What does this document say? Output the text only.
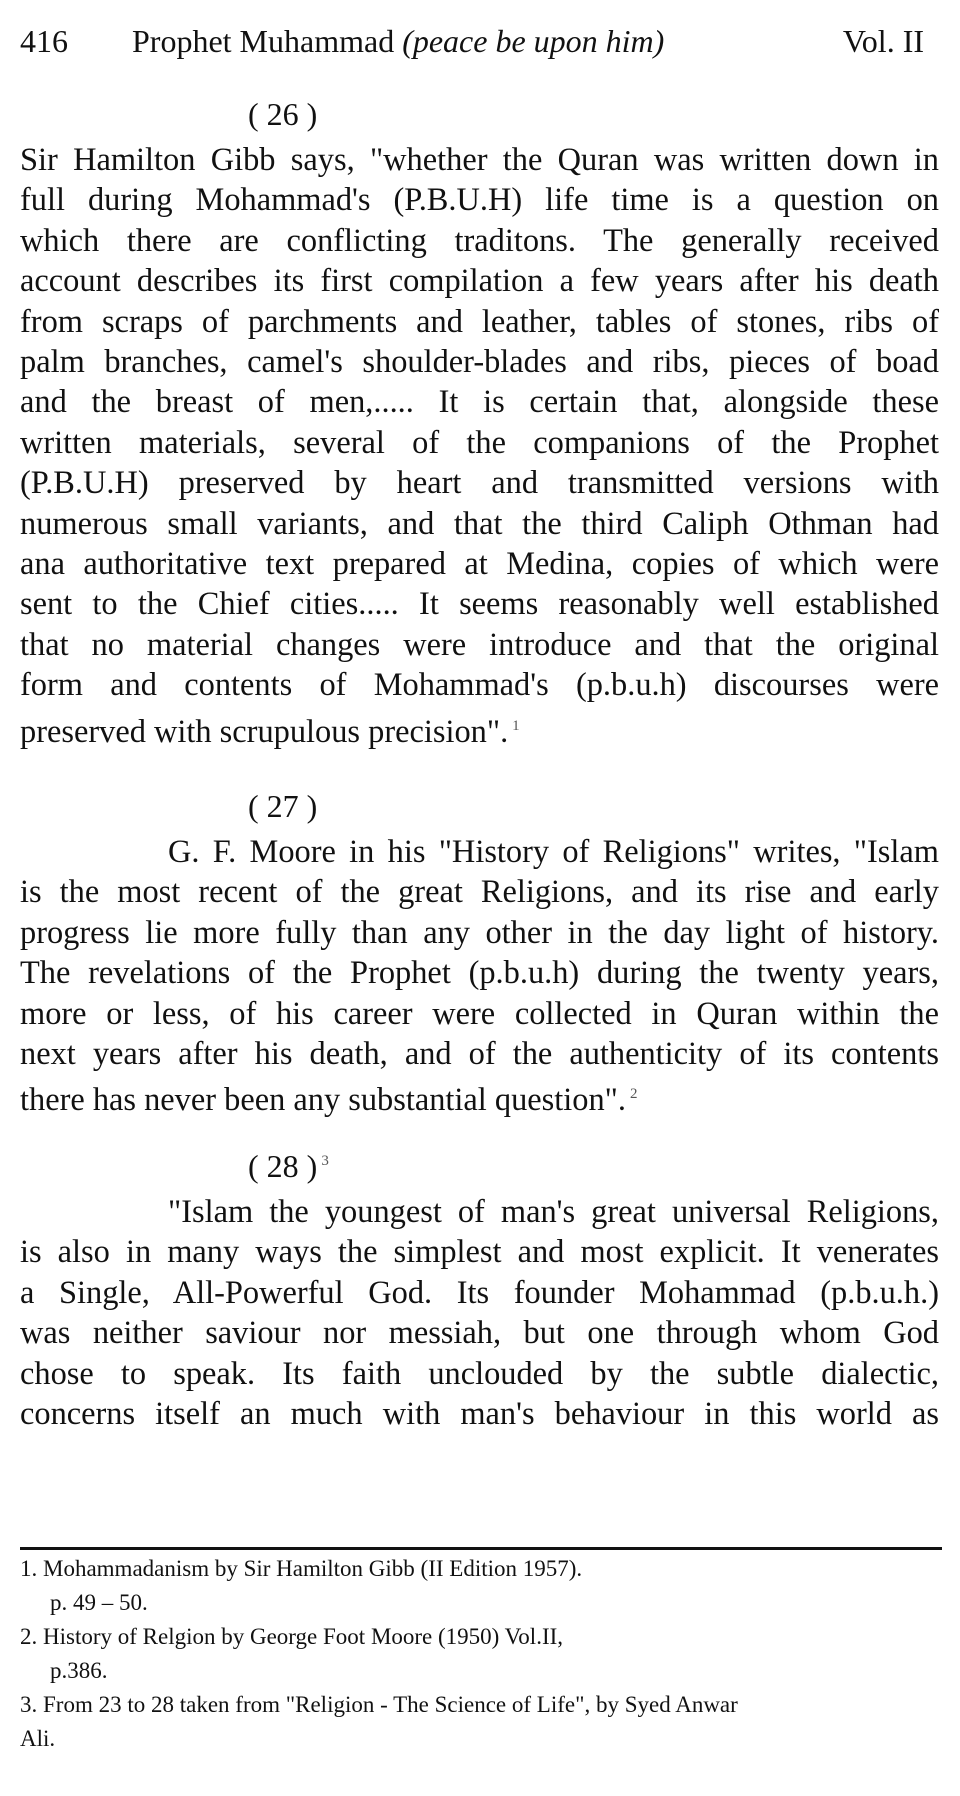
416 Prophet Muhammad (peace be upon him)	Vol. II
( 26 )
Sir Hamilton Gibb says, "whether the Quran was written down in
full during Mohammad's (P.B.U.H) life time is a question on
which there are conflicting traditons. The generally received
account describes its first compilation a few years after his death
from scraps of parchments and leather, tables of stones, ribs of
palm branches, camel's shoulder-blades and ribs, pieces of boad
and the breast of men,..... It is certain that, alongside these
written materials, several of the companions of the Prophet
(P.B.U.H) preserved by heart and transmitted versions with
numerous small variants, and that the third Caliph Othman had
ana authoritative text prepared at Medina, copies of which were
sent to the Chief cities..... It seems reasonably well established
that no material changes were introduce and that the original
form and contents of Mohammad's (p.b.u.h) discourses were
preserved with scrupulous precision". $^1$
( 27 )
G. F. Moore in his "History of Religions" writes, "Islam
is the most recent of the great Religions, and its rise and early
progress lie more fully than any other in the day light of history.
The revelations of the Prophet (p.b.u.h) during the twenty years,
more or less, of his career were collected in Quran within the
next years after his death, and of the authenticity of its contents
there has never been any substantial question". $^2$
( 28 ) $^3$
"Islam the youngest of man's great universal Religions,
is also in many ways the simplest and most explicit. It venerates
a Single, All-Powerful God. Its founder Mohammad (p.b.u.h.)
was neither saviour nor messiah, but one through whom God
chose to speak. Its faith unclouded by the subtle dialectic,
concerns itself an much with man's behaviour in this world as
1. Mohammadanism by Sir Hamilton Gibb (II Edition 1957).
p. 49 – 50.
2. History of Relgion by George Foot Moore (1950) Vol.II,
p.386.
3. From 23 to 28 taken from "Religion - The Science of Life", by Syed Anwar
Ali.
